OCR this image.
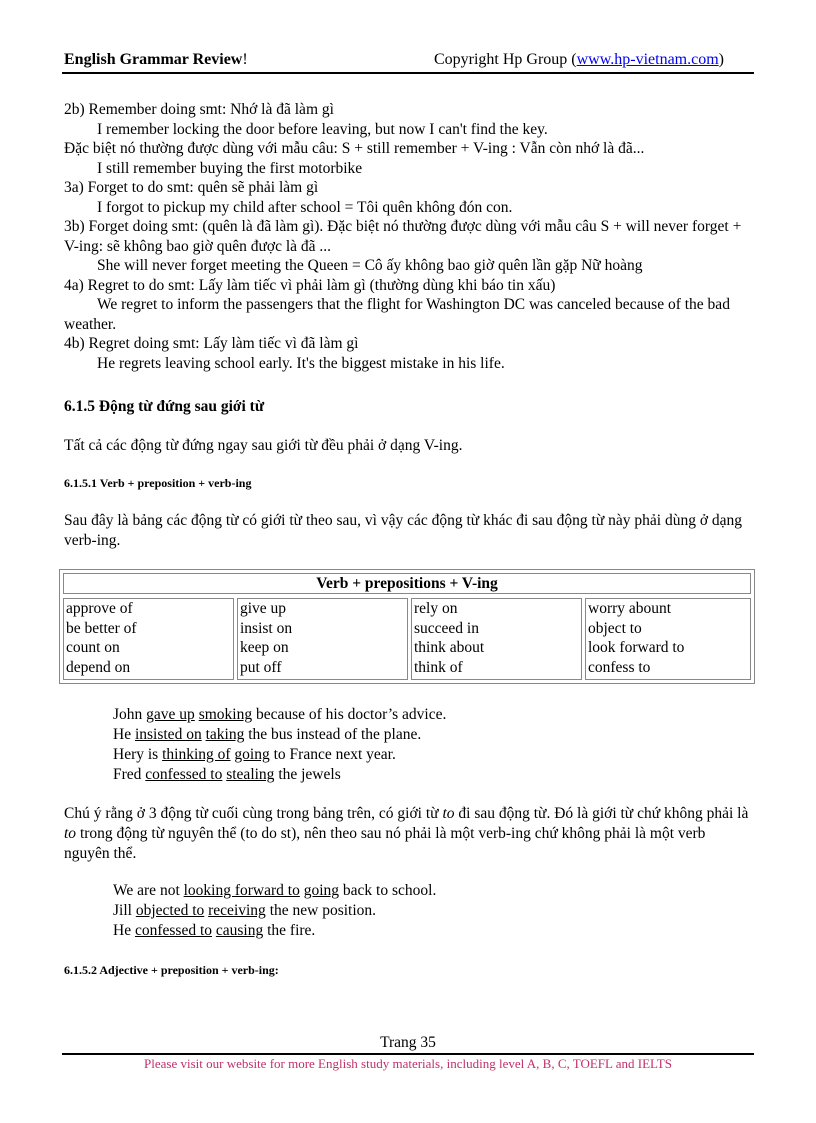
English Grammar Review!	Copyright Hp Group (www.hp-vietnam.com)
2b) Remember doing smt: Nhớ là đã làm gì
I remember locking the door before leaving, but now I can't find the key.
Đặc biệt nó thường được dùng với mẫu câu: S + still remember + V-ing : Vẫn còn nhớ là đã...
I still remember buying the first motorbike
3a) Forget to do smt: quên sẽ phải làm gì
I forgot to pickup my child after school = Tôi quên không đón con.
3b) Forget doing smt: (quên là đã làm gì). Đặc biệt nó thường được dùng với mẫu câu S + will never forget + V-ing: sẽ không bao giờ quên được là đã ...
She will never forget meeting the Queen = Cô ấy không bao giờ quên lần gặp Nữ hoàng
4a) Regret to do smt: Lấy làm tiếc vì phải làm gì (thường dùng khi báo tin xấu)
We regret to inform the passengers that the flight for Washington DC was canceled because of the bad weather.
4b) Regret doing smt: Lấy làm tiếc vì đã làm gì
He regrets leaving school early. It's the biggest mistake in his life.
6.1.5 Động từ đứng sau giới từ
Tất cả các động từ đứng ngay sau giới từ đều phải ở dạng V-ing.
6.1.5.1 Verb + preposition + verb-ing
Sau đây là bảng các động từ có giới từ theo sau, vì vậy các động từ khác đi sau động từ này phải dùng ở dạng verb-ing.
Verb + prepositions + V-ing
approve of
be better of
count on
depend on
give up
insist on
keep on
put off
rely on
succeed in
think about
think of
worry abount
object to
look forward to
confess to
John gave up smoking because of his doctor’s advice.
He insisted on taking the bus instead of the plane.
Hery is thinking of going to France next year.
Fred confessed to stealing the jewels
Chú ý rằng ở 3 động từ cuối cùng trong bảng trên, có giới từ to đi sau động từ. Đó là giới từ chứ không phải là to trong động từ nguyên thể (to do st), nên theo sau nó phải là một verb-ing chứ không phải là một verb nguyên thể.
We are not looking forward to going back to school.
Jill objected to receiving the new position.
He confessed to causing the fire.
6.1.5.2 Adjective + preposition + verb-ing:
Trang 35
Please visit our website for more English study materials, including level A, B, C, TOEFL and IELTS
